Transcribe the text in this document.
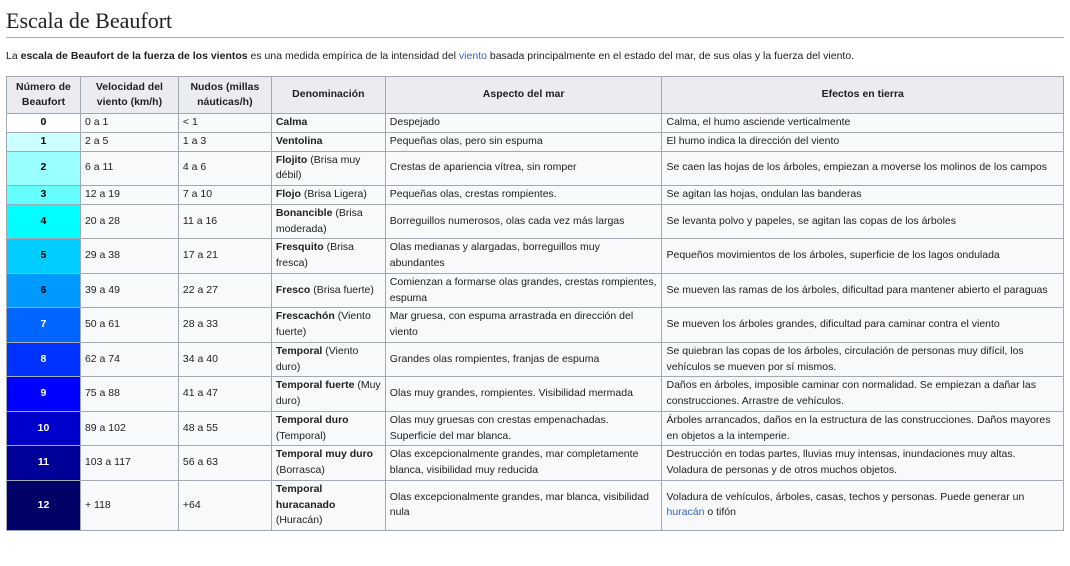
Escala de Beaufort

La escala de Beaufort de la fuerza de los vientos es una medida empírica de la intensidad del viento basada principalmente en el estado del mar, de sus olas y la fuerza del viento.

Número de Beaufort	Velocidad del viento (km/h)	Nudos (millas náuticas/h)	Denominación	Aspecto del mar	Efectos en tierra
0	0 a 1	< 1	Calma	Despejado	Calma, el humo asciende verticalmente
1	2 a 5	1 a 3	Ventolina	Pequeñas olas, pero sin espuma	El humo indica la dirección del viento
2	6 a 11	4 a 6	Flojito (Brisa muy débil)	Crestas de apariencia vítrea, sin romper	Se caen las hojas de los árboles, empiezan a moverse los molinos de los campos
3	12 a 19	7 a 10	Flojo (Brisa Ligera)	Pequeñas olas, crestas rompientes.	Se agitan las hojas, ondulan las banderas
4	20 a 28	11 a 16	Bonancible (Brisa moderada)	Borreguillos numerosos, olas cada vez más largas	Se levanta polvo y papeles, se agitan las copas de los árboles
5	29 a 38	17 a 21	Fresquito (Brisa fresca)	Olas medianas y alargadas, borreguillos muy abundantes	Pequeños movimientos de los árboles, superficie de los lagos ondulada
6	39 a 49	22 a 27	Fresco (Brisa fuerte)	Comienzan a formarse olas grandes, crestas rompientes, espuma	Se mueven las ramas de los árboles, dificultad para mantener abierto el paraguas
7	50 a 61	28 a 33	Frescachón (Viento fuerte)	Mar gruesa, con espuma arrastrada en dirección del viento	Se mueven los árboles grandes, dificultad para caminar contra el viento
8	62 a 74	34 a 40	Temporal (Viento duro)	Grandes olas rompientes, franjas de espuma	Se quiebran las copas de los árboles, circulación de personas muy difícil, los vehículos se mueven por sí mismos.
9	75 a 88	41 a 47	Temporal fuerte (Muy duro)	Olas muy grandes, rompientes. Visibilidad mermada	Daños en árboles, imposible caminar con normalidad. Se empiezan a dañar las construcciones. Arrastre de vehículos.
10	89 a 102	48 a 55	Temporal duro (Temporal)	Olas muy gruesas con crestas empenachadas. Superficie del mar blanca.	Árboles arrancados, daños en la estructura de las construcciones. Daños mayores en objetos a la intemperie.
11	103 a 117	56 a 63	Temporal muy duro (Borrasca)	Olas excepcionalmente grandes, mar completamente blanca, visibilidad muy reducida	Destrucción en todas partes, lluvias muy intensas, inundaciones muy altas. Voladura de personas y de otros muchos objetos.
12	+ 118	+64	Temporal huracanado (Huracán)	Olas excepcionalmente grandes, mar blanca, visibilidad nula	Voladura de vehículos, árboles, casas, techos y personas. Puede generar un huracán o tifón
